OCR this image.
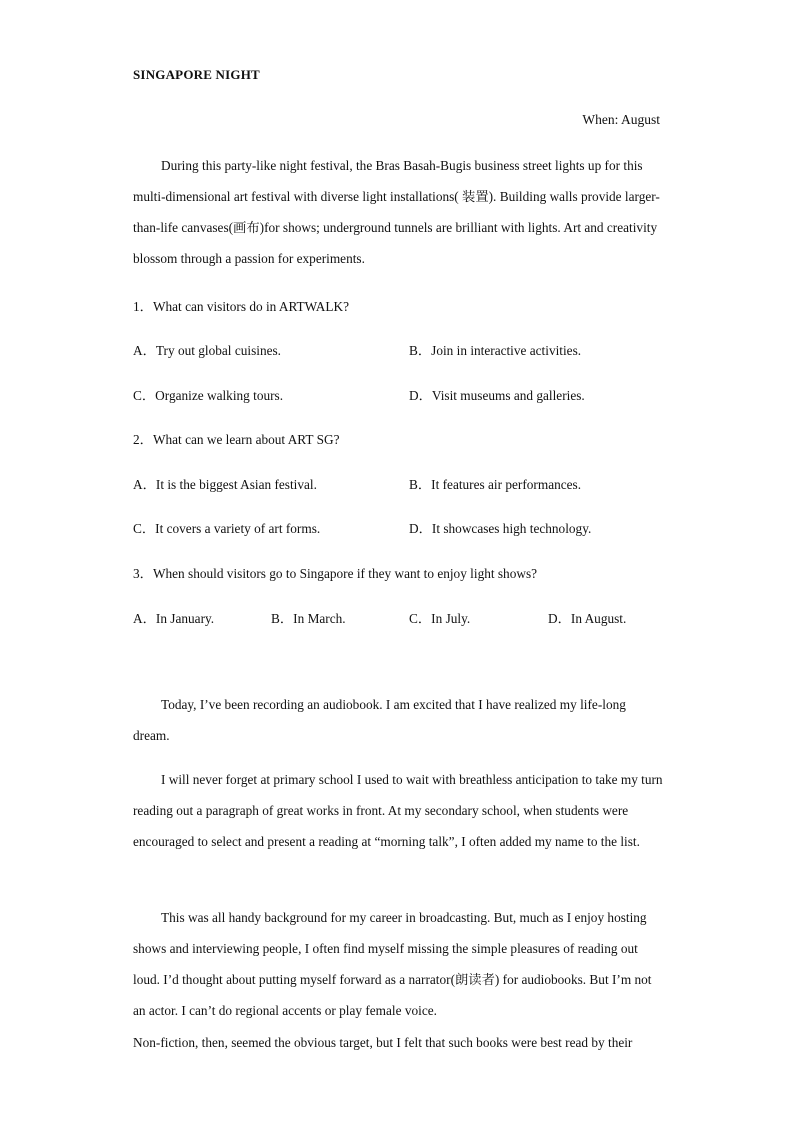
SINGAPORE NIGHT
When: August
During this party-like night festival, the Bras Basah-Bugis business street lights up for this multi-dimensional art festival with diverse light installations( 装置). Building walls provide larger-than-life canvases(画布)for shows; underground tunnels are brilliant with lights. Art and creativity blossom through a passion for experiments.
1．What can visitors do in ARTWALK?
A．Try out global cuisines.	B．Join in interactive activities.
C．Organize walking tours.	D．Visit museums and galleries.
2．What can we learn about ART SG?
A．It is the biggest Asian festival.	B．It features air performances.
C．It covers a variety of art forms.	D．It showcases high technology.
3．When should visitors go to Singapore if they want to enjoy light shows?
A．In January.	B．In March.	C．In July.	D．In August.
Today, I’ve been recording an audiobook. I am excited that I have realized my life-long dream.
I will never forget at primary school I used to wait with breathless anticipation to take my turn reading out a paragraph of great works in front. At my secondary school, when students were encouraged to select and present a reading at “morning talk”, I often added my name to the list.
This was all handy background for my career in broadcasting. But, much as I enjoy hosting shows and interviewing people, I often find myself missing the simple pleasures of reading out loud. I’d thought about putting myself forward as a narrator(朗读者) for audiobooks. But I’m not an actor. I can’t do regional accents or play female voice.
Non-fiction, then, seemed the obvious target, but I felt that such books were best read by their
